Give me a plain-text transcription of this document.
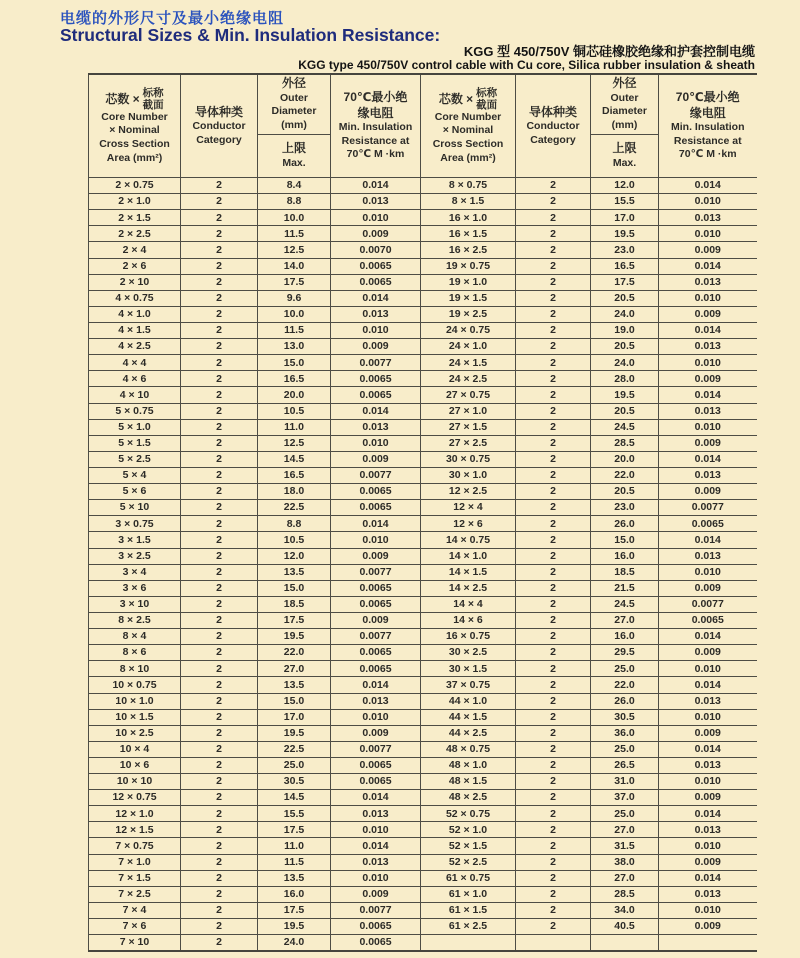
电缆的外形尺寸及最小绝缘电阻
Structural Sizes & Min. Insulation Resistance:
KGG 型 450/750V 铜芯硅橡胶绝缘和护套控制电缆
KGG type 450/750V control cable with Cu core, Silica rubber insulation & sheath
芯数 × 标称
截面
Core Number
× Nominal
Cross Section
Area (mm²)

导体种类
Conductor
Category

外径
Outer
Diameter
(mm)
上限
Max.

70℃最小绝
缘电阻
Min. Insulation
Resistance at
70℃ M ·km

芯数 × 标称
截面
Core Number
× Nominal
Cross Section
Area (mm²)

导体种类
Conductor
Category

外径
Outer
Diameter
(mm)
上限
Max.

70℃最小绝
缘电阻
Min. Insulation
Resistance at
70℃ M ·km

2 × 0.75	2	8.4	0.014	8 × 0.75	2	12.0	0.014
2 × 1.0	2	8.8	0.013	8 × 1.5	2	15.5	0.010
2 × 1.5	2	10.0	0.010	16 × 1.0	2	17.0	0.013
2 × 2.5	2	11.5	0.009	16 × 1.5	2	19.5	0.010
2 × 4	2	12.5	0.0070	16 × 2.5	2	23.0	0.009
2 × 6	2	14.0	0.0065	19 × 0.75	2	16.5	0.014
2 × 10	2	17.5	0.0065	19 × 1.0	2	17.5	0.013
4 × 0.75	2	9.6	0.014	19 × 1.5	2	20.5	0.010
4 × 1.0	2	10.0	0.013	19 × 2.5	2	24.0	0.009
4 × 1.5	2	11.5	0.010	24 × 0.75	2	19.0	0.014
4 × 2.5	2	13.0	0.009	24 × 1.0	2	20.5	0.013
4 × 4	2	15.0	0.0077	24 × 1.5	2	24.0	0.010
4 × 6	2	16.5	0.0065	24 × 2.5	2	28.0	0.009
4 × 10	2	20.0	0.0065	27 × 0.75	2	19.5	0.014
5 × 0.75	2	10.5	0.014	27 × 1.0	2	20.5	0.013
5 × 1.0	2	11.0	0.013	27 × 1.5	2	24.5	0.010
5 × 1.5	2	12.5	0.010	27 × 2.5	2	28.5	0.009
5 × 2.5	2	14.5	0.009	30 × 0.75	2	20.0	0.014
5 × 4	2	16.5	0.0077	30 × 1.0	2	22.0	0.013
5 × 6	2	18.0	0.0065	12 × 2.5	2	20.5	0.009
5 × 10	2	22.5	0.0065	12 × 4	2	23.0	0.0077
3 × 0.75	2	8.8	0.014	12 × 6	2	26.0	0.0065
3 × 1.5	2	10.5	0.010	14 × 0.75	2	15.0	0.014
3 × 2.5	2	12.0	0.009	14 × 1.0	2	16.0	0.013
3 × 4	2	13.5	0.0077	14 × 1.5	2	18.5	0.010
3 × 6	2	15.0	0.0065	14 × 2.5	2	21.5	0.009
3 × 10	2	18.5	0.0065	14 × 4	2	24.5	0.0077
8 × 2.5	2	17.5	0.009	14 × 6	2	27.0	0.0065
8 × 4	2	19.5	0.0077	16 × 0.75	2	16.0	0.014
8 × 6	2	22.0	0.0065	30 × 2.5	2	29.5	0.009
8 × 10	2	27.0	0.0065	30 × 1.5	2	25.0	0.010
10 × 0.75	2	13.5	0.014	37 × 0.75	2	22.0	0.014
10 × 1.0	2	15.0	0.013	44 × 1.0	2	26.0	0.013
10 × 1.5	2	17.0	0.010	44 × 1.5	2	30.5	0.010
10 × 2.5	2	19.5	0.009	44 × 2.5	2	36.0	0.009
10 × 4	2	22.5	0.0077	48 × 0.75	2	25.0	0.014
10 × 6	2	25.0	0.0065	48 × 1.0	2	26.5	0.013
10 × 10	2	30.5	0.0065	48 × 1.5	2	31.0	0.010
12 × 0.75	2	14.5	0.014	48 × 2.5	2	37.0	0.009
12 × 1.0	2	15.5	0.013	52 × 0.75	2	25.0	0.014
12 × 1.5	2	17.5	0.010	52 × 1.0	2	27.0	0.013
7 × 0.75	2	11.0	0.014	52 × 1.5	2	31.5	0.010
7 × 1.0	2	11.5	0.013	52 × 2.5	2	38.0	0.009
7 × 1.5	2	13.5	0.010	61 × 0.75	2	27.0	0.014
7 × 2.5	2	16.0	0.009	61 × 1.0	2	28.5	0.013
7 × 4	2	17.5	0.0077	61 × 1.5	2	34.0	0.010
7 × 6	2	19.5	0.0065	61 × 2.5	2	40.5	0.009
7 × 10	2	24.0	0.0065				
